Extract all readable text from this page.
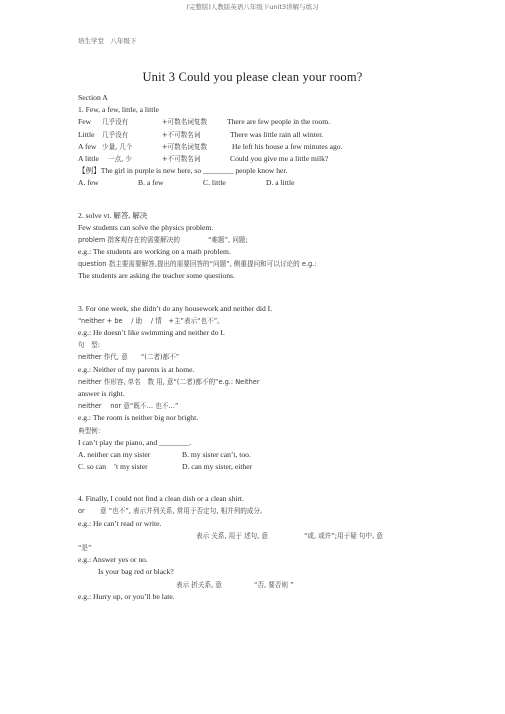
(完整版)人教版英语八年级下unit3讲解与练习
培生学堂　八年级下
Unit 3 Could you please clean your room?
Section A
1. Few, a few, little, a little
Few 几乎没有	+可数名词复数	There are few people in the room.
Little 几乎没有	+不可数名词	There was little rain all winter.
A few 少量, 几个	+可数名词复数	He left his house a few minutes ago.
A little 一点, 少	+不可数名词	Could you give me a little milk?
【例】The girl in purple is new here, so ________ people know her.
A. few	B. a few	C. little	D. a little
2. solve vt. 解答, 解决
Few students can solve the physics problem.
problem 指客观存在的需要解决的	“难题”, 问题;
e.g.: The students are working on a math problem.
question 指主要需要解答,提出的需要回答的“问题”, 侧重提问和可以讨论的 e.g.:
The students are asking the teacher some questions.
3. For one week, she didn’t do any housework and neither did I.
“neither + be　 / 助　 / 情　+主”表示“也不”。
e.g.: He doesn’t like swimming and neither do I.
句　型:
neither 作代, 意　　“(二者)都不”
e.g.: Neither of my parents is at home.
neither 作形容, 单名　数 用, 意“(二者)都不的”e.g.: Neither
answer is right.
neither　 nor 意“既不… 也不…”
e.g.: The room is neither big nor bright.
典型例：
I can’t play the piano, and ________.
A. neither can my sister	B. my sister can’t, too.
C. so can　’t my sister	D. can my sister, either
4. Finally, I could not find a clean dish or a clean shirt.
or　　 意 “也不”, 表示并列关系, 常用于否定句, 相并列的成分。
e.g.: He can’t read or write.
表示 关系, 用于 述句, 意	“或, 或许”;用于疑 句中, 意
“是”
e.g.: Answer yes or no.
Is your bag red or black?
表示 折关系, 意	“否, 要否则 ”
e.g.: Hurry up, or you’ll be late.
